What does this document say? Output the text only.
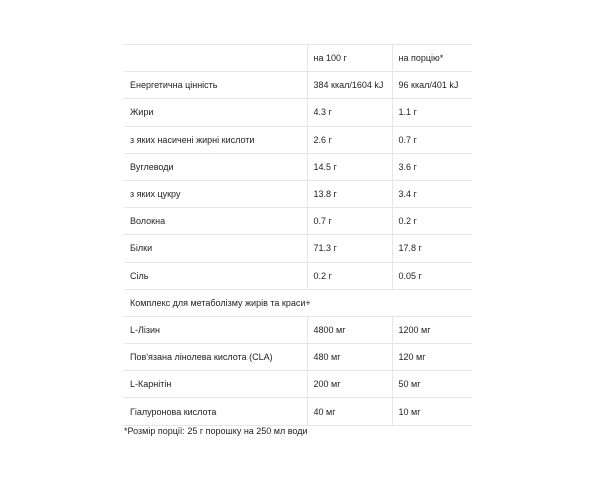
	на 100 г	на порцію*
Енергетична цінність	384 ккал/1604 kJ	96 ккал/401 kJ
Жири	4.3 г	1.1 г
з яких насичені жирні кислоти	2.6 г	0.7 г
Вуглеводи	14.5 г	3.6 г
з яких цукру	13.8 г	3.4 г
Волокна	0.7 г	0.2 г
Білки	71.3 г	17.8 г
Сіль	0.2 г	0.05 г
Комплекс для метаболізму жирів та краси+		
L-Лізин	4800 мг	1200 мг
Пов'язана лінолева кислота (CLA)	480 мг	120 мг
L-Карнітін	200 мг	50 мг
Гіалуронова кислота	40 мг	10 мг
*Розмір порції: 25 г порошку на 250 мл води
